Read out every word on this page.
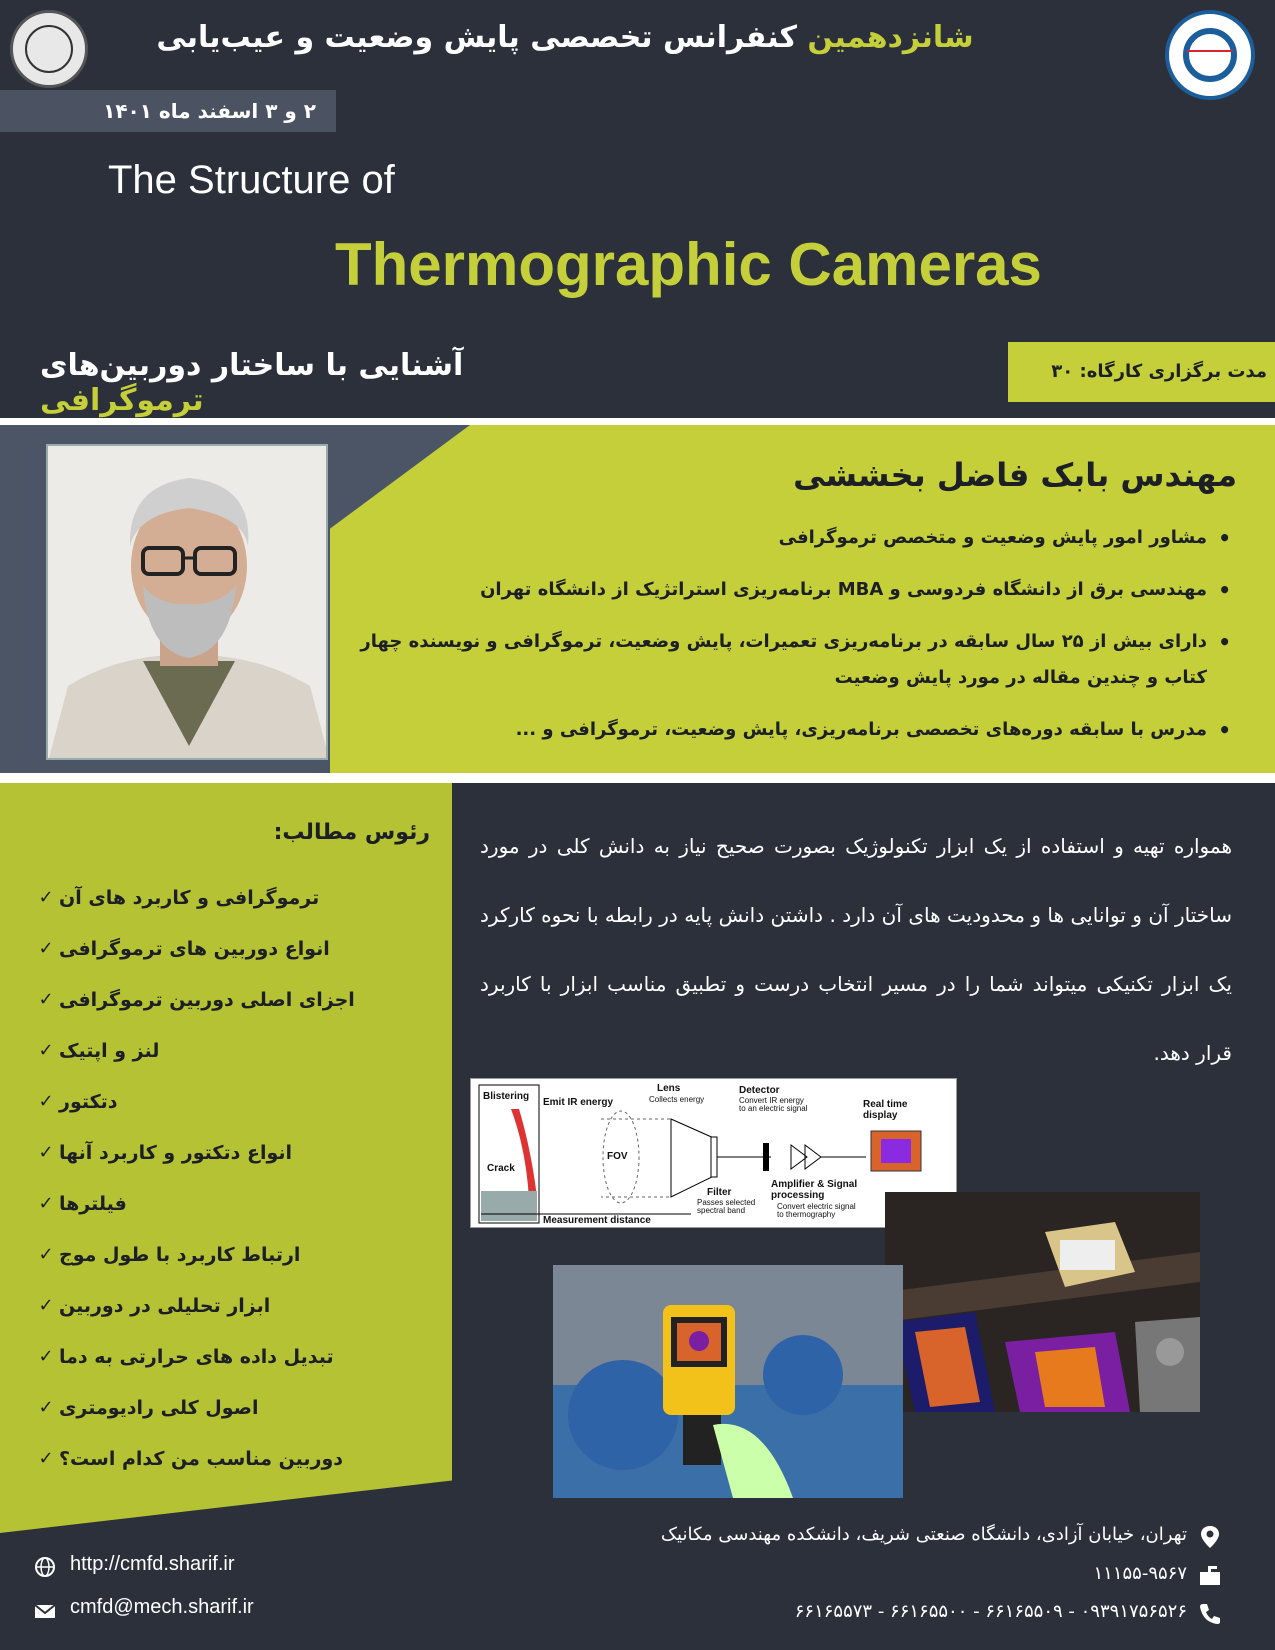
شانزدهمین کنفرانس تخصصی پایش وضعیت و عیب‌یابی
۲ و ۳ اسفند ماه ۱۴۰۱
The Structure of
Thermographic Cameras
آشنایی با ساختار دوربین‌های ترموگرافی
مدت برگزاری کارگاه: ۳۰
مهندس بابک فاضل بخششی
• مشاور امور پایش وضعیت و متخصص ترموگرافی
• مهندسی برق از دانشگاه فردوسی و MBA برنامه‌ریزی استراتژیک از دانشگاه تهران
• دارای بیش از ۲۵ سال سابقه در برنامه‌ریزی تعمیرات، پایش وضعیت، ترموگرافی و نویسنده چهار کتاب و چندین مقاله در مورد پایش وضعیت
• مدرس با سابقه دوره‌های تخصصی برنامه‌ریزی، پایش وضعیت، ترموگرافی و ...
رئوس مطالب:
✓ ترموگرافی و کاربرد های آن
✓ انواع دوربین های ترموگرافی
✓ اجزای اصلی دوربین ترموگرافی
✓ لنز و اپتیک
✓ دتکتور
✓ انواع دتکتور و کاربرد آنها
✓ فیلترها
✓ ارتباط کاربرد با طول موج
✓ ابزار تحلیلی در دوربین
✓ تبدیل داده های حرارتی به دما
✓ اصول کلی رادیومتری
✓ دوربین مناسب من کدام است؟
همواره تهیه و استفاده از یک ابزار تکنولوژیک بصورت صحیح نیاز به دانش کلی در مورد ساختار آن و توانایی ها و محدودیت های آن دارد . داشتن دانش پایه در رابطه با نحوه کارکرد یک ابزار تکنیکی میتواند شما را در مسیر انتخاب درست و تطبیق مناسب ابزار با کاربرد قرار دهد.
Blistering
Crack
Emit IR energy
FOV
Lens
Collects energy
Detector
Convert IR energy to an electric signal	Real time display
Filter
Passes selected spectral band
Amplifier & Signal processing
Convert electric signal to thermography
Measurement distance
تهران، خیابان آزادی، دانشگاه صنعتی شریف، دانشکده مهندسی مکانیک
۱۱۱۵۵-۹۵۶۷
۰۹۳۹۱۷۵۶۵۲۶ - ۶۶۱۶۵۵۰۹ - ۶۶۱۶۵۵۰۰ - ۶۶۱۶۵۵۷۳
http://cmfd.sharif.ir
cmfd@mech.sharif.ir
